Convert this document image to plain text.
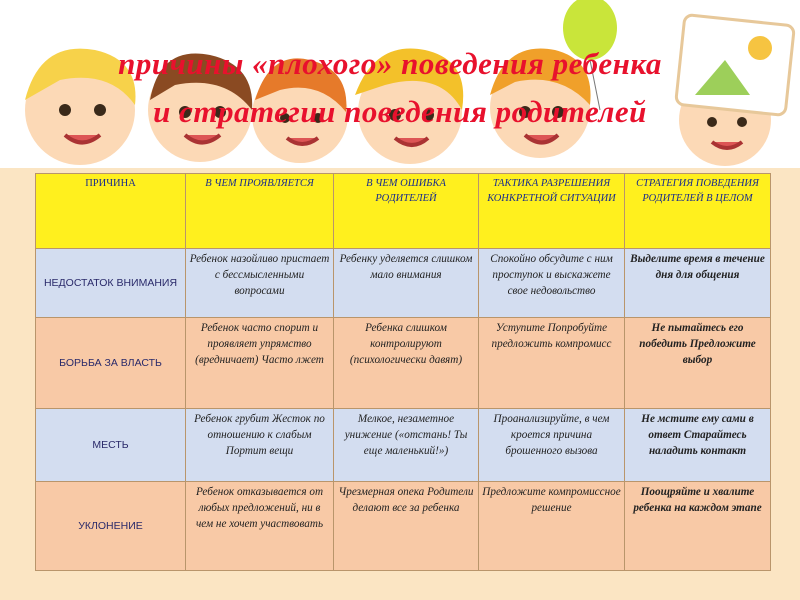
причины «плохого» поведения ребенка
и стратегии поведения родителей
ПРИЧИНА	В ЧЕМ ПРОЯВЛЯЕТСЯ	В ЧЕМ ОШИБКА РОДИТЕЛЕЙ	ТАКТИКА РАЗРЕШЕНИЯ КОНКРЕТНОЙ СИТУАЦИИ	СТРАТЕГИЯ ПОВЕДЕНИЯ РОДИТЕЛЕЙ В ЦЕЛОМ
НЕДОСТАТОК ВНИМАНИЯ	Ребенок назойливо пристает с бессмысленными вопросами	Ребенку уделяется слишком мало внимания	Спокойно обсудите с ним проступок и выскажете свое недовольство	Выделите время в течение дня для общения
БОРЬБА ЗА ВЛАСТЬ	Ребенок часто спорит и проявляет упрямство (вредничает) Часто лжет	Ребенка слишком контролируют (психологически давят)	Уступите Попробуйте предложить компромисс	Не пытайтесь его победить Предложите выбор
МЕСТЬ	Ребенок грубит Жесток по отношению к слабым Портит вещи	Мелкое, незаметное унижение («отстань! Ты еще маленький!»)	Проанализируйте, в чем кроется причина брошенного вызова	Не мстите ему сами в ответ Старайтесь наладить контакт
УКЛОНЕНИЕ	Ребенок отказывается от любых предложений, ни в чем не хочет участвовать	Чрезмерная опека Родители делают все за ребенка	Предложите компромиссное решение	Поощряйте и хвалите ребенка на каждом этапе
